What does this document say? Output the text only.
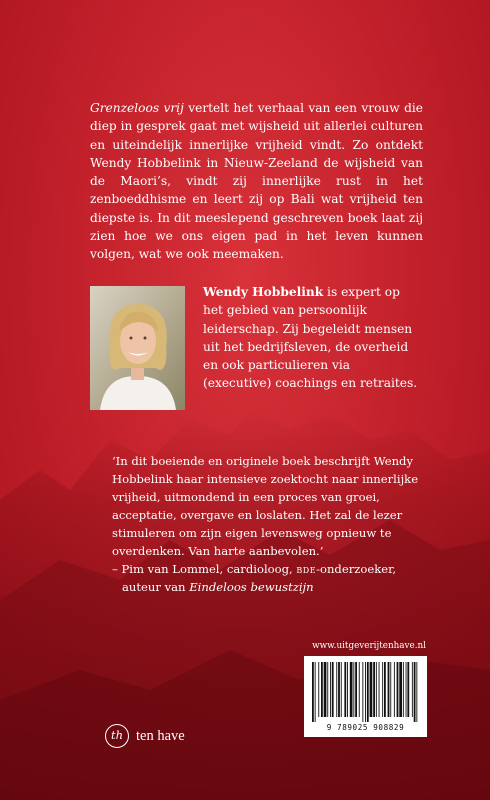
Grenzeloos vrij vertelt het verhaal van een vrouw die diep in gesprek gaat met wijsheid uit allerlei culturen en uiteindelijk innerlijke vrijheid vindt. Zo ontdekt Wendy Hobbelink in Nieuw-Zeeland de wijsheid van de Maori’s, vindt zij innerlijke rust in het zenboeddhisme en leert zij op Bali wat vrijheid ten diepste is. In dit meeslepend geschreven boek laat zij zien hoe we ons eigen pad in het leven kunnen volgen, wat we ook meemaken.

Wendy Hobbelink is expert op het gebied van persoonlijk leiderschap. Zij begeleidt mensen uit het bedrijfsleven, de overheid en ook particulieren via (executive) coachings en retraites.

‘In dit boeiende en originele boek beschrijft Wendy Hobbelink haar intensieve zoektocht naar innerlijke vrijheid, uitmondend in een proces van groei, acceptatie, overgave en loslaten. Het zal de lezer stimuleren om zijn eigen levensweg opnieuw te overdenken. Van harte aanbevolen.’
– Pim van Lommel, cardioloog, bde-onderzoeker,
auteur van Eindeloos bewustzijn

www.uitgeverijtenhave.nl
9 789025 908829
th ten have
